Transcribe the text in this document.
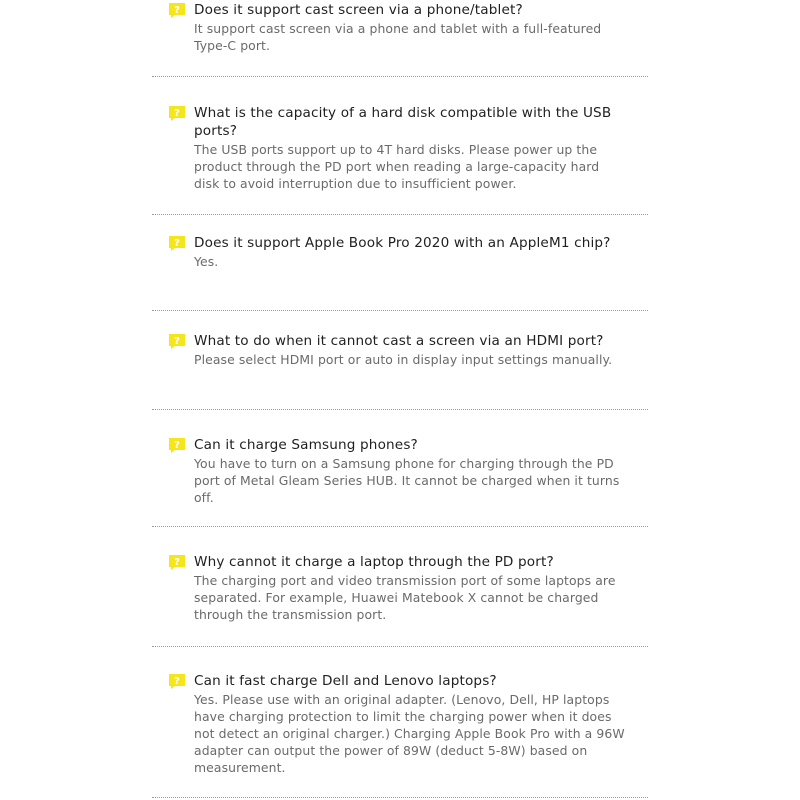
? Does it support cast screen via a phone/tablet?

It support cast screen via a phone and tablet with a full-featured Type-C port.
? What is the capacity of a hard disk compatible with the USB ports?

The USB ports support up to 4T hard disks. Please power up the product through the PD port when reading a large-capacity hard disk to avoid interruption due to insufficient power.
? Does it support Apple Book Pro 2020 with an AppleM1 chip?

Yes.
? What to do when it cannot cast a screen via an HDMI port?

Please select HDMI port or auto in display input settings manually.
? Can it charge Samsung phones?

You have to turn on a Samsung phone for charging through the PD port of Metal Gleam Series HUB. It cannot be charged when it turns off.
? Why cannot it charge a laptop through the PD port?

The charging port and video transmission port of some laptops are separated. For example, Huawei Matebook X cannot be charged through the transmission port.
? Can it fast charge Dell and Lenovo laptops?

Yes. Please use with an original adapter. (Lenovo, Dell, HP laptops have charging protection to limit the charging power when it does not detect an original charger.) Charging Apple Book Pro with a 96W adapter can output the power of 89W (deduct 5-8W) based on measurement.
